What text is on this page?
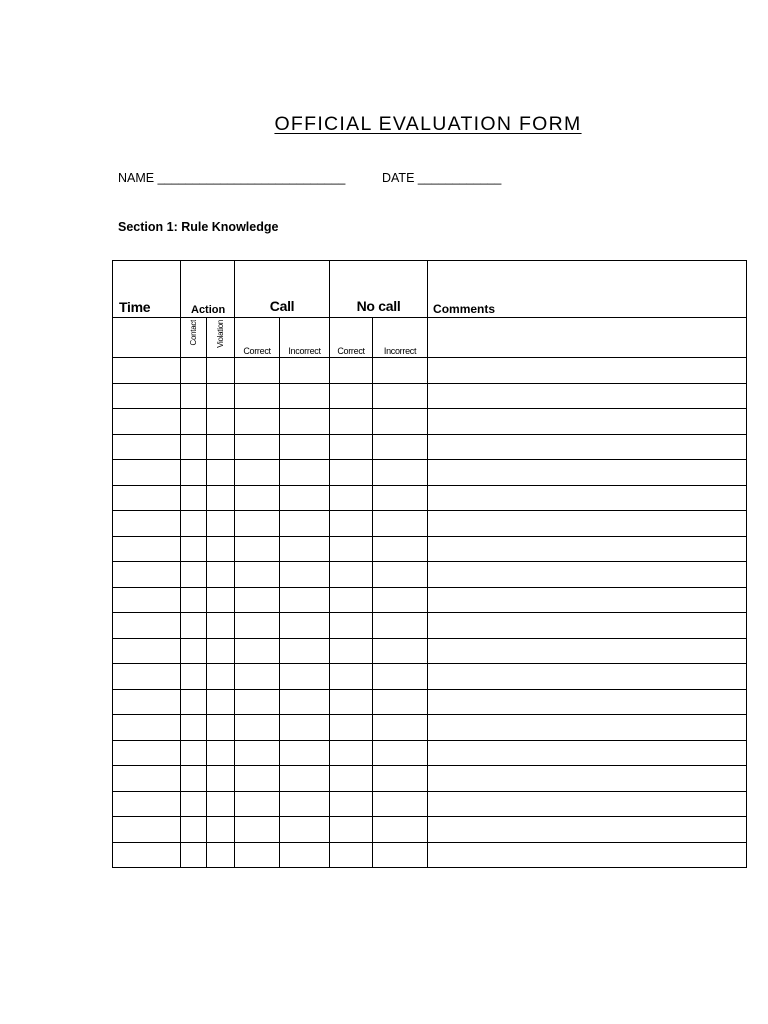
OFFICIAL EVALUATION FORM
NAME ___________________________	DATE ____________
Section 1: Rule Knowledge
Time	Action		Call		No call		Comments

	Contact	Violation	Correct	Incorrect	Correct	Incorrect	
